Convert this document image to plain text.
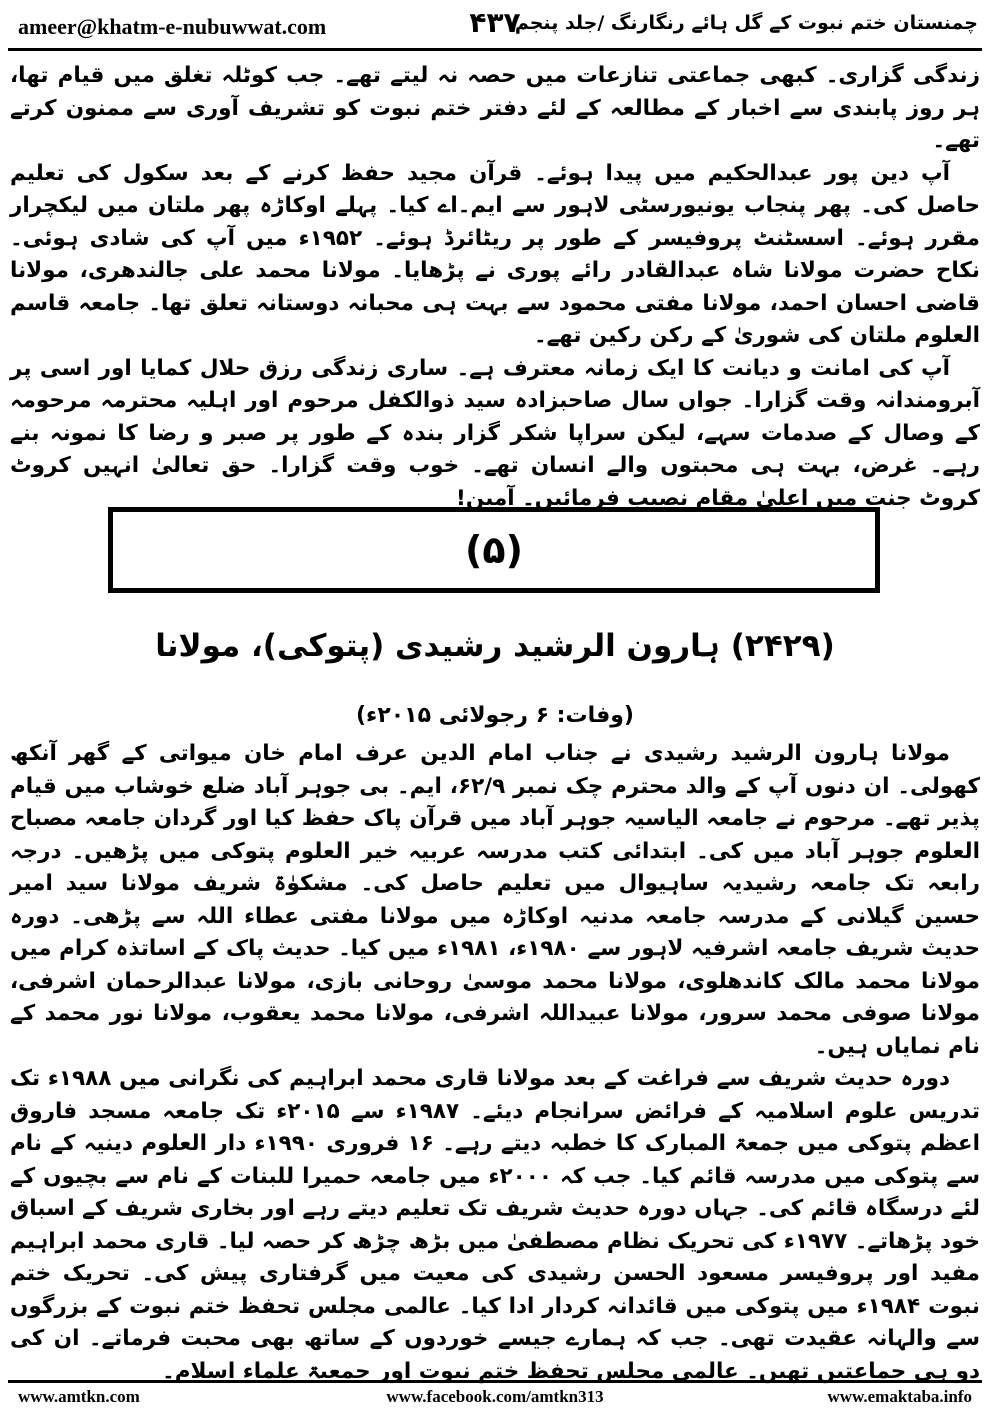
ameer@khatm-e-nubuwwat.com	۴۳۷
چمنستان ختم نبوت کے گل ہائے رنگارنگ /جلد پنجم

زندگی گزاری۔ کبھی جماعتی تنازعات میں حصہ نہ لیتے تھے۔ جب کوٹلہ تغلق میں قیام تھا، ہر روز پابندی سے اخبار کے مطالعہ کے لئے دفتر ختم نبوت کو تشریف آوری سے ممنون کرتے تھے۔

آپ دین پور عبدالحکیم میں پیدا ہوئے۔ قرآن مجید حفظ کرنے کے بعد سکول کی تعلیم حاصل کی۔ پھر پنجاب یونیورسٹی لاہور سے ایم۔اے کیا۔ پہلے اوکاڑہ پھر ملتان میں لیکچرار مقرر ہوئے۔ اسسٹنٹ پروفیسر کے طور پر ریٹائرڈ ہوئے۔ ۱۹۵۲ء میں آپ کی شادی ہوئی۔ نکاح حضرت مولانا شاہ عبدالقادر رائے پوری نے پڑھایا۔ مولانا محمد علی جالندھری، مولانا قاضی احسان احمد، مولانا مفتی محمود سے بہت ہی محبانہ دوستانہ تعلق تھا۔ جامعہ قاسم العلوم ملتان کی شوریٰ کے رکن رکین تھے۔

آپ کی امانت و دیانت کا ایک زمانہ معترف ہے۔ ساری زندگی رزق حلال کمایا اور اسی پر آبرومندانہ وقت گزارا۔ جواں سال صاحبزادہ سید ذوالکفل مرحوم اور اہلیہ محترمہ مرحومہ کے وصال کے صدمات سہے، لیکن سراپا شکر گزار بندہ کے طور پر صبر و رضا کا نمونہ بنے رہے۔ غرض، بہت ہی محبتوں والے انسان تھے۔ خوب وقت گزارا۔ حق تعالیٰ انہیں کروٹ کروٹ جنت میں اعلیٰ مقام نصیب فرمائیں۔ آمین!

(۵)
(۲۴۲۹) ہارون الرشید رشیدی (پتوکی)، مولانا
(وفات: ۶ رجولائی ۲۰۱۵ء)

مولانا ہارون الرشید رشیدی نے جناب امام الدین عرف امام خان میواتی کے گھر آنکھ کھولی۔ ان دنوں آپ کے والد محترم چک نمبر ۶۲/۹، ایم۔ بی جوہر آباد ضلع خوشاب میں قیام پذیر تھے۔ مرحوم نے جامعہ الیاسیہ جوہر آباد میں قرآن پاک حفظ کیا اور گردان جامعہ مصباح العلوم جوہر آباد میں کی۔ ابتدائی کتب مدرسہ عربیہ خیر العلوم پتوکی میں پڑھیں۔ درجہ رابعہ تک جامعہ رشیدیہ ساہیوال میں تعلیم حاصل کی۔ مشکوٰۃ شریف مولانا سید امیر حسین گیلانی کے مدرسہ جامعہ مدنیہ اوکاڑہ میں مولانا مفتی عطاء اللہ سے پڑھی۔ دورہ حدیث شریف جامعہ اشرفیہ لاہور سے ۱۹۸۰ء، ۱۹۸۱ء میں کیا۔ حدیث پاک کے اساتذہ کرام میں مولانا محمد مالک کاندھلوی، مولانا محمد موسیٰ روحانی بازی، مولانا عبدالرحمان اشرفی، مولانا صوفی محمد سرور، مولانا عبیداللہ اشرفی، مولانا محمد یعقوب، مولانا نور محمد کے نام نمایاں ہیں۔

دورہ حدیث شریف سے فراغت کے بعد مولانا قاری محمد ابراہیم کی نگرانی میں ۱۹۸۸ء تک تدریس علوم اسلامیہ کے فرائض سرانجام دیئے۔ ۱۹۸۷ء سے ۲۰۱۵ء تک جامعہ مسجد فاروق اعظم پتوکی میں جمعۃ المبارک کا خطبہ دیتے رہے۔ ۱۶ فروری ۱۹۹۰ء دار العلوم دینیہ کے نام سے پتوکی میں مدرسہ قائم کیا۔ جب کہ ۲۰۰۰ء میں جامعہ حمیرا للبنات کے نام سے بچیوں کے لئے درسگاہ قائم کی۔ جہاں دورہ حدیث شریف تک تعلیم دیتے رہے اور بخاری شریف کے اسباق خود پڑھاتے۔ ۱۹۷۷ء کی تحریک نظام مصطفیٰ میں بڑھ چڑھ کر حصہ لیا۔ قاری محمد ابراہیم مفید اور پروفیسر مسعود الحسن رشیدی کی معیت میں گرفتاری پیش کی۔ تحریک ختم نبوت ۱۹۸۴ء میں پتوکی میں قائدانہ کردار ادا کیا۔ عالمی مجلس تحفظ ختم نبوت کے بزرگوں سے والہانہ عقیدت تھی۔ جب کہ ہمارے جیسے خوردوں کے ساتھ بھی محبت فرماتے۔ ان کی دو ہی جماعتیں تھیں۔ عالمی مجلس تحفظ ختم نبوت اور جمعیۃ علماء اسلام۔

www.amtkn.com	www.facebook.com/amtkn313	www.emaktaba.info
